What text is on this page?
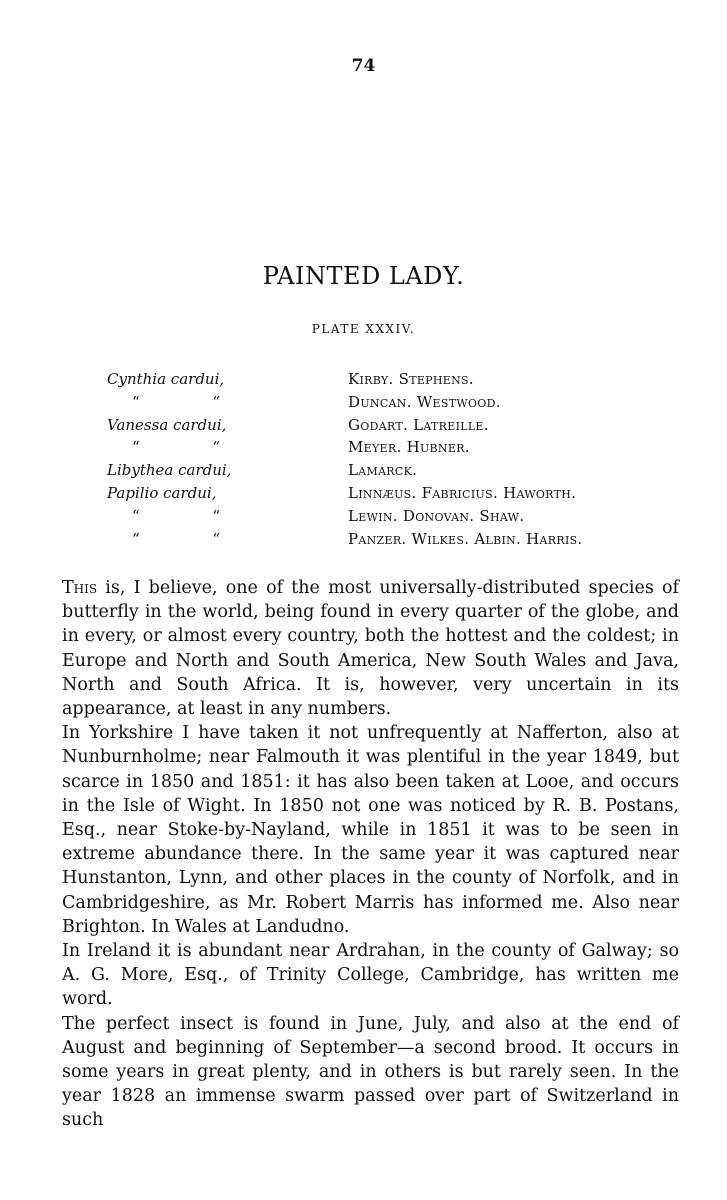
74
PAINTED LADY.
PLATE XXXIV.
Cynthia cardui,	Kirby. Stephens.
“ “	Duncan. Westwood.
Vanessa cardui,	Godart. Latreille.
“ “	Meyer. Hubner.
Libythea cardui,	Lamarck.
Papilio cardui,	Linnæus. Fabricius. Haworth.
“ “	Lewin. Donovan. Shaw.
“ “	Panzer. Wilkes. Albin. Harris.

This is, I believe, one of the most universally-distributed species of butterfly in the world, being found in every quarter of the globe, and in every, or almost every country, both the hottest and the coldest; in Europe and North and South America, New South Wales and Java, North and South Africa. It is, however, very uncertain in its appearance, at least in any numbers.

In Yorkshire I have taken it not unfrequently at Nafferton, also at Nunburnholme; near Falmouth it was plentiful in the year 1849, but scarce in 1850 and 1851: it has also been taken at Looe, and occurs in the Isle of Wight. In 1850 not one was noticed by R. B. Postans, Esq., near Stoke-by-Nayland, while in 1851 it was to be seen in extreme abundance there. In the same year it was captured near Hunstanton, Lynn, and other places in the county of Norfolk, and in Cambridgeshire, as Mr. Robert Marris has informed me. Also near Brighton. In Wales at Landudno.

In Ireland it is abundant near Ardrahan, in the county of Galway; so A. G. More, Esq., of Trinity College, Cambridge, has written me word.

The perfect insect is found in June, July, and also at the end of August and beginning of September—a second brood. It occurs in some years in great plenty, and in others is but rarely seen. In the year 1828 an immense swarm passed over part of Switzerland in such
